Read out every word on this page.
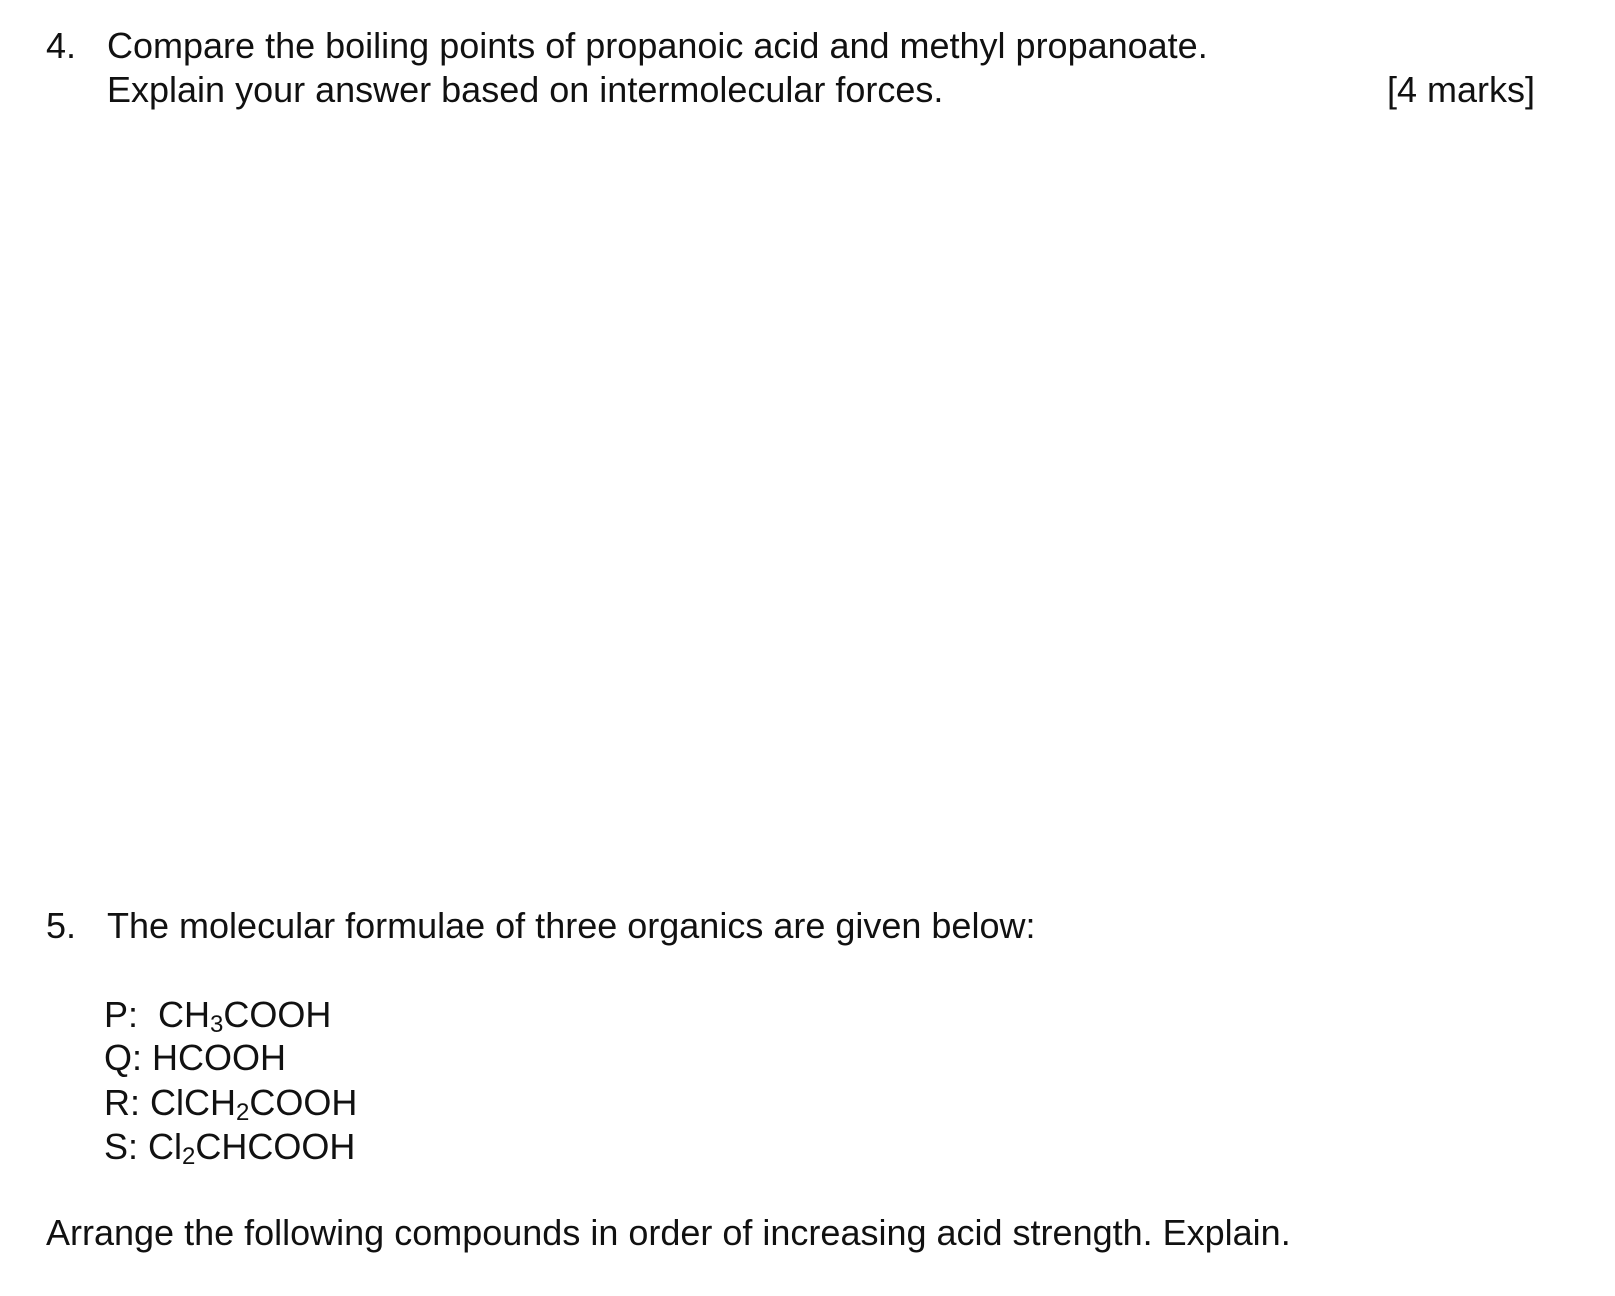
4. Compare the boiling points of propanoic acid and methyl propanoate.
Explain your answer based on intermolecular forces.	[4 marks]
5. The molecular formulae of three organics are given below:
P: $CH_3COOH$
Q: HCOOH
R: ClCH$_2$COOH
S: $Cl_2CHCOOH$
Arrange the following compounds in order of increasing acid strength. Explain.
